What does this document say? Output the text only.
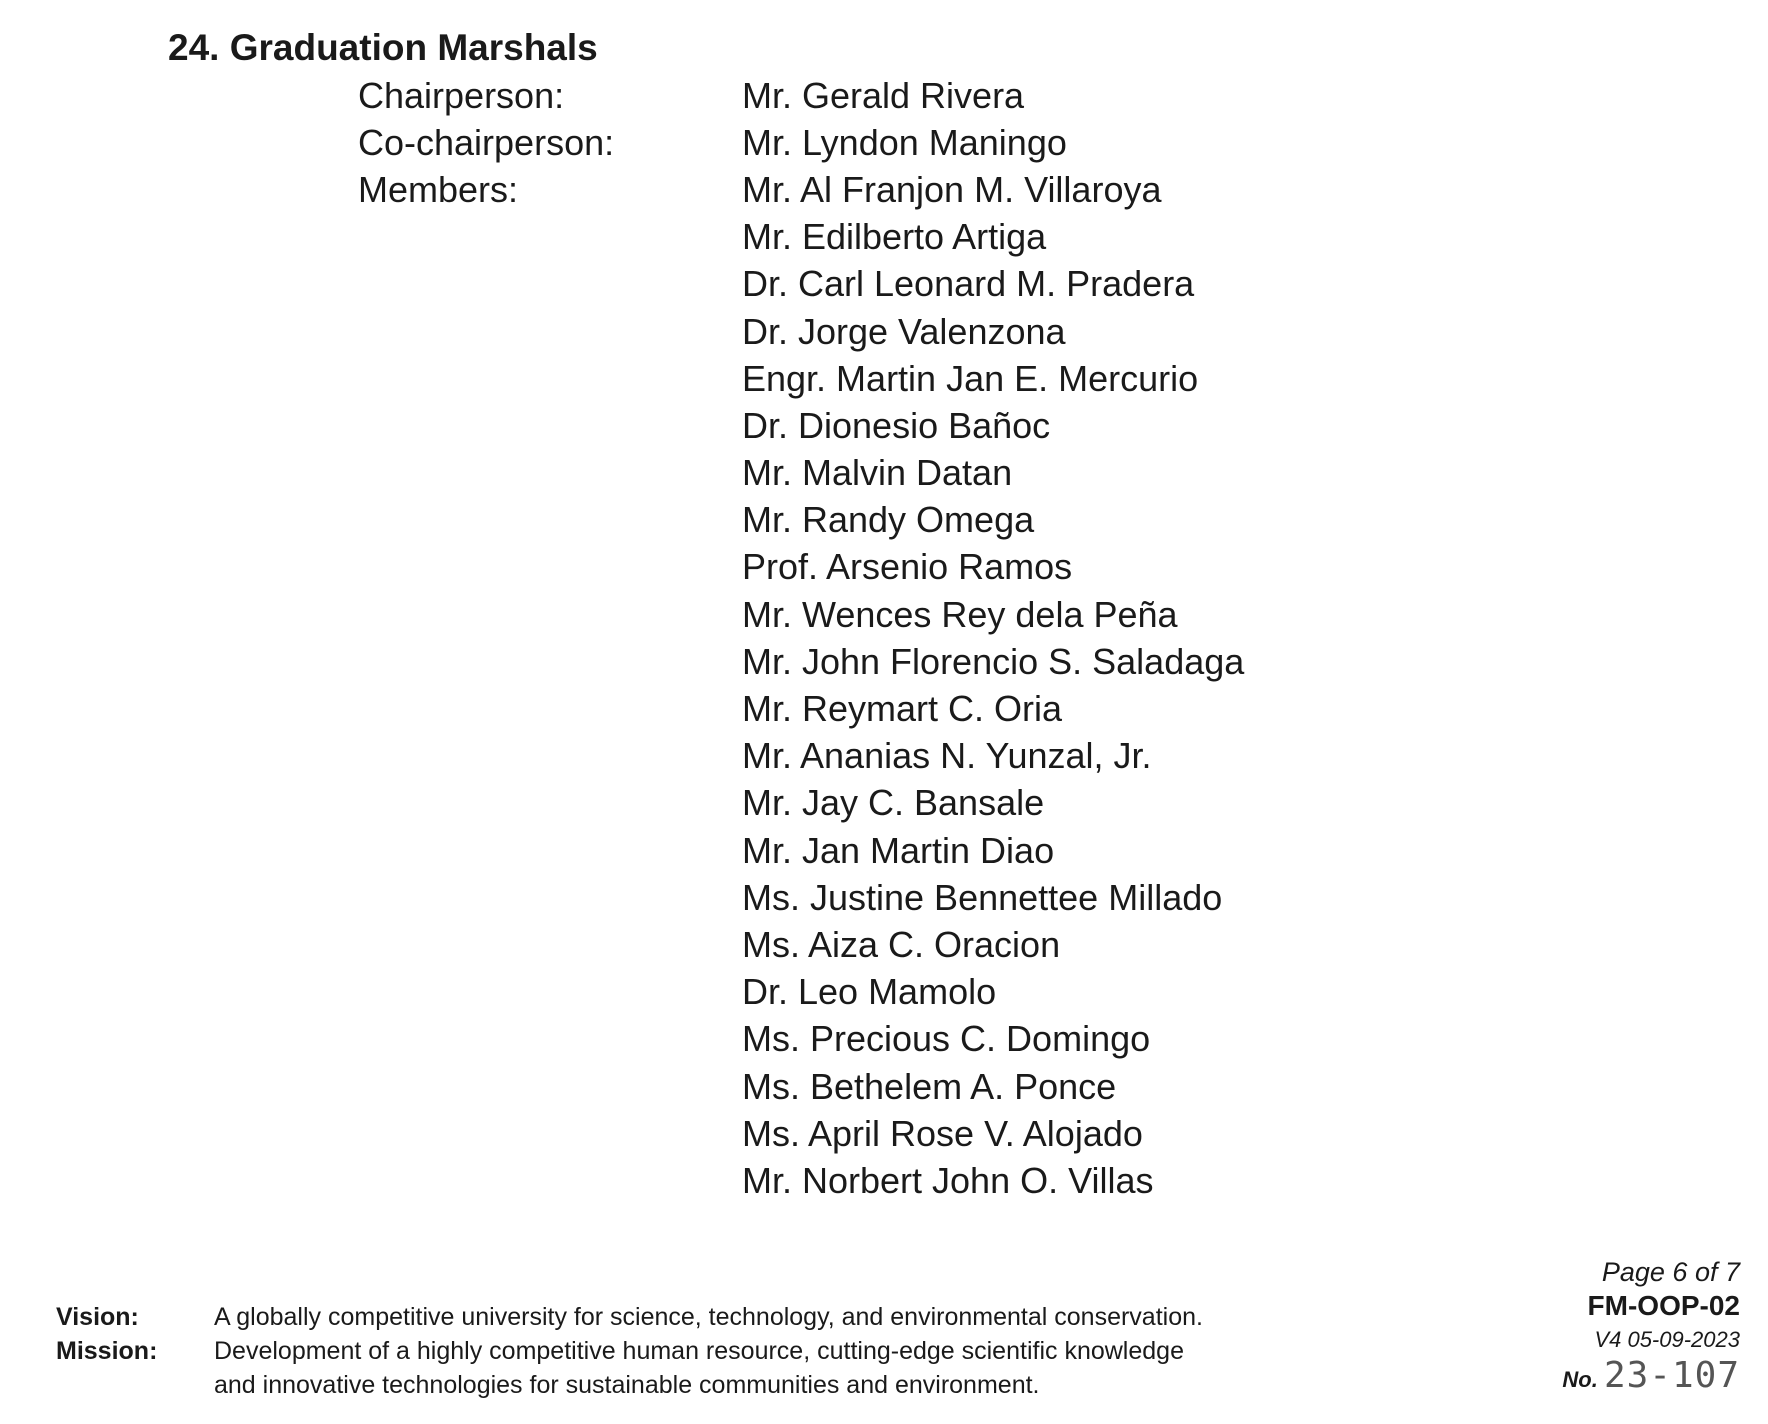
24. Graduation Marshals
Chairperson:	Mr. Gerald Rivera
Co-chairperson:	Mr. Lyndon Maningo
Members:	Mr. Al Franjon M. Villaroya
Mr. Edilberto Artiga
Dr. Carl Leonard M. Pradera
Dr. Jorge Valenzona
Engr. Martin Jan E. Mercurio
Dr. Dionesio Bañoc
Mr. Malvin Datan
Mr. Randy Omega
Prof. Arsenio Ramos
Mr. Wences Rey dela Peña
Mr. John Florencio S. Saladaga
Mr. Reymart C. Oria
Mr. Ananias N. Yunzal, Jr.
Mr. Jay C. Bansale
Mr. Jan Martin Diao
Ms. Justine Bennettee Millado
Ms. Aiza C. Oracion
Dr. Leo Mamolo
Ms. Precious C. Domingo
Ms. Bethelem A. Ponce
Ms. April Rose V. Alojado
Mr. Norbert John O. Villas
Vision:	A globally competitive university for science, technology, and environmental conservation.
Mission:	Development of a highly competitive human resource, cutting-edge scientific knowledge
and innovative technologies for sustainable communities and environment.
Page 6 of 7
FM-OOP-02
V4 05-09-2023
No. 23-107
